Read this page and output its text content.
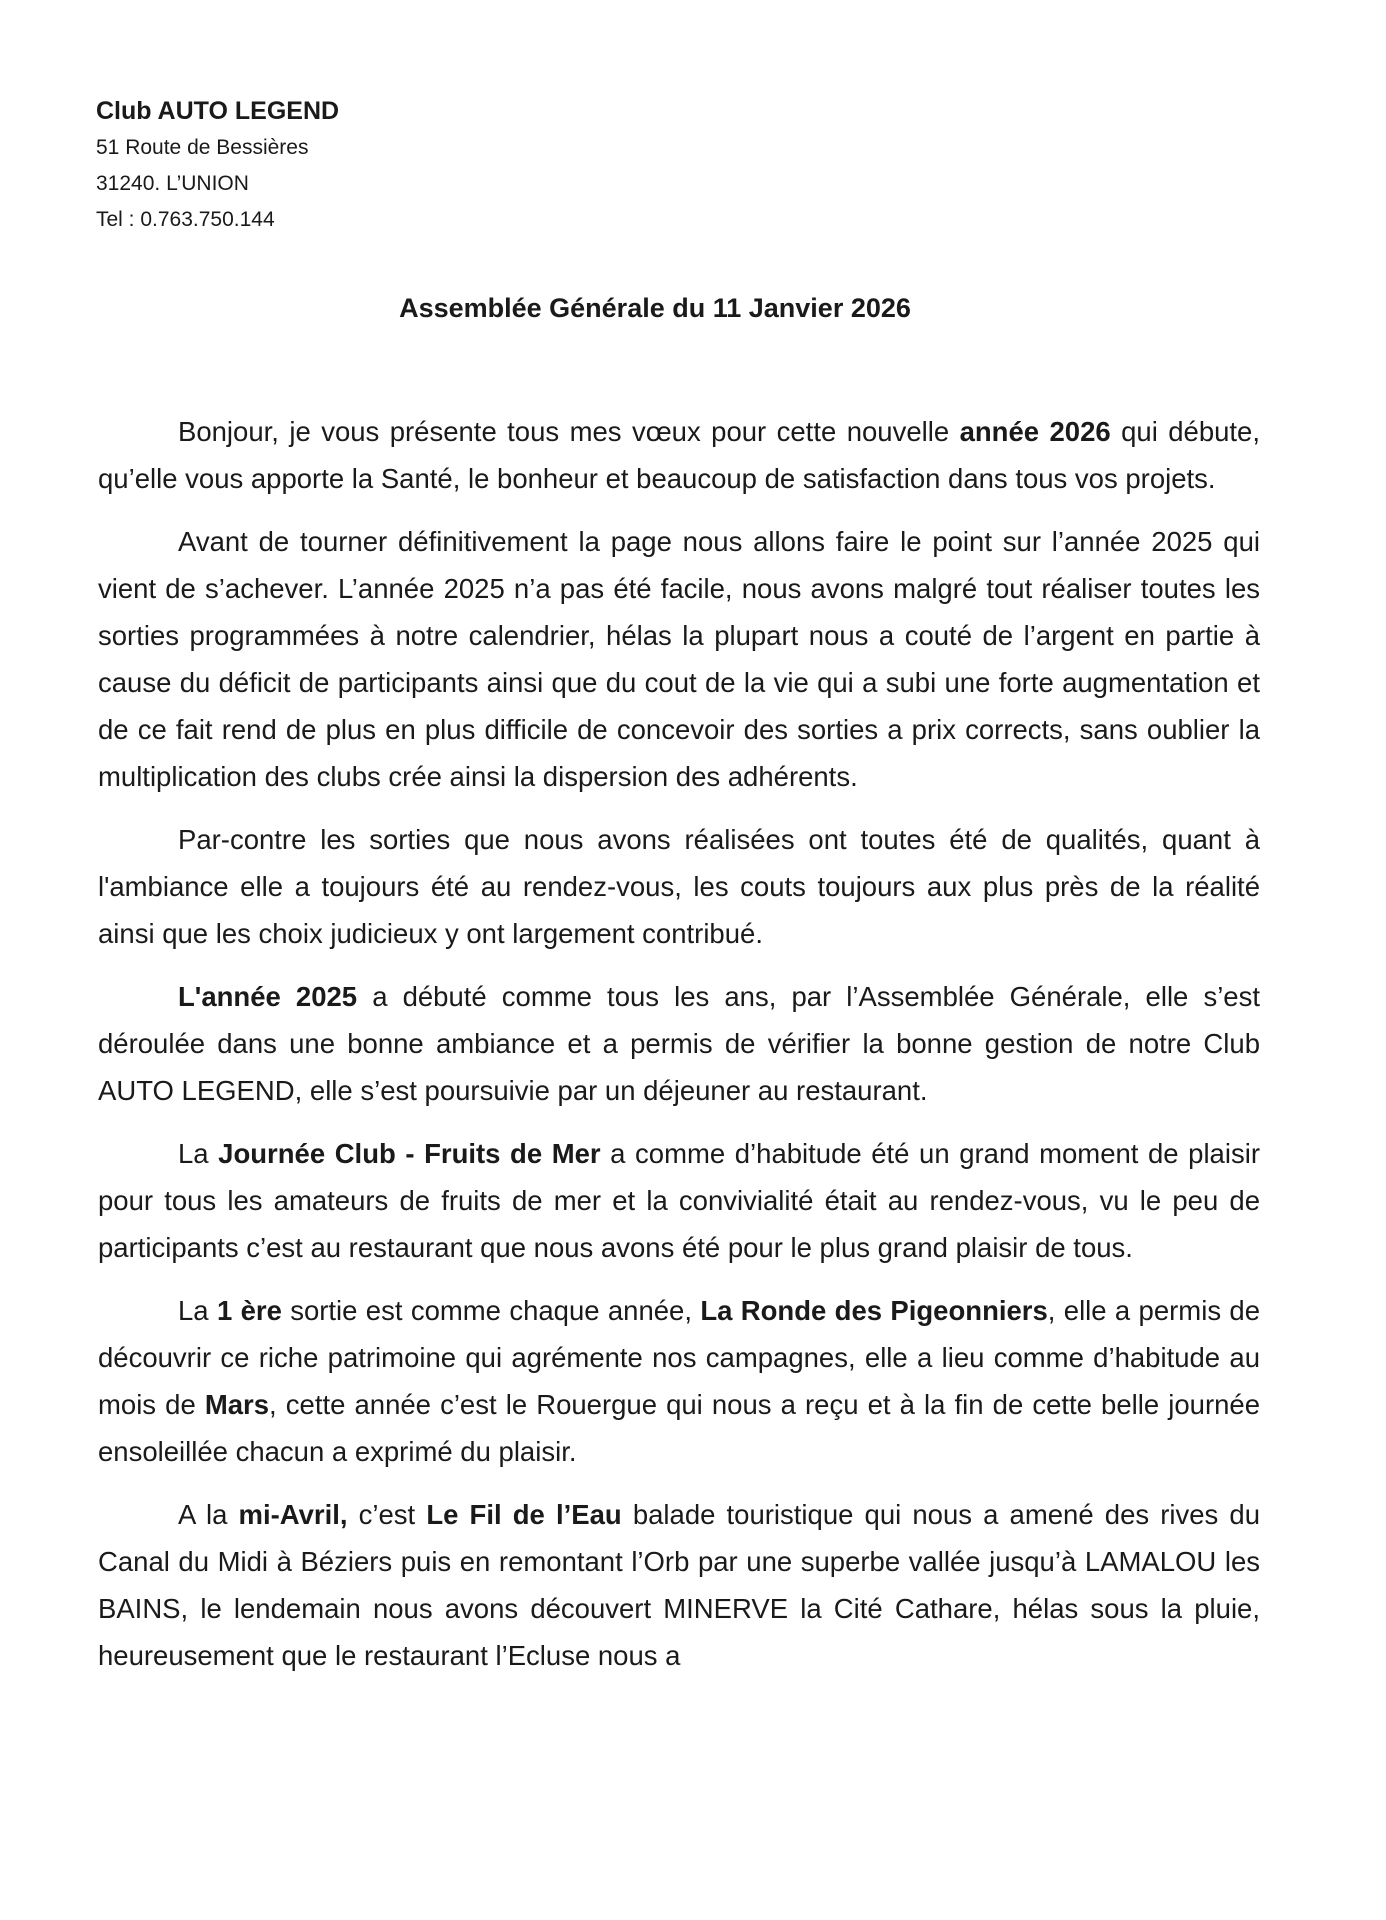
Club AUTO LEGEND
51 Route de Bessières
31240. L’UNION
Tel : 0.763.750.144
Assemblée Générale du 11 Janvier 2026

Bonjour, je vous présente tous mes vœux pour cette nouvelle année 2026 qui débute, qu’elle vous apporte la Santé, le bonheur et beaucoup de satisfaction dans tous vos projets.

Avant de tourner définitivement la page nous allons faire le point sur l’année 2025 qui vient de s’achever. L’année 2025 n’a pas été facile, nous avons malgré tout réaliser toutes les sorties programmées à notre calendrier, hélas la plupart nous a couté de l’argent en partie à cause du déficit de participants ainsi que du cout de la vie qui a subi une forte augmentation et de ce fait rend de plus en plus difficile de concevoir des sorties a prix corrects, sans oublier la multiplication des clubs crée ainsi la dispersion des adhérents.

Par-contre les sorties que nous avons réalisées ont toutes été de qualités, quant à l'ambiance elle a toujours été au rendez-vous, les couts toujours aux plus près de la réalité ainsi que les choix judicieux y ont largement contribué.

L'année 2025 a débuté comme tous les ans, par l’Assemblée Générale, elle s’est déroulée dans une bonne ambiance et a permis de vérifier la bonne gestion de notre Club AUTO LEGEND, elle s’est poursuivie par un déjeuner au restaurant.

La Journée Club - Fruits de Mer a comme d’habitude été un grand moment de plaisir pour tous les amateurs de fruits de mer et la convivialité était au rendez-vous, vu le peu de participants c’est au restaurant que nous avons été pour le plus grand plaisir de tous.

La 1 ère sortie est comme chaque année, La Ronde des Pigeonniers, elle a permis de découvrir ce riche patrimoine qui agrémente nos campagnes, elle a lieu comme d’habitude au mois de Mars, cette année c’est le Rouergue qui nous a reçu et à la fin de cette belle journée ensoleillée chacun a exprimé du plaisir.

A la mi-Avril, c’est Le Fil de l’Eau balade touristique qui nous a amené des rives du Canal du Midi à Béziers puis en remontant l’Orb par une superbe vallée jusqu’à LAMALOU les BAINS, le lendemain nous avons découvert MINERVE la Cité Cathare, hélas sous la pluie, heureusement que le restaurant l’Ecluse nous a
